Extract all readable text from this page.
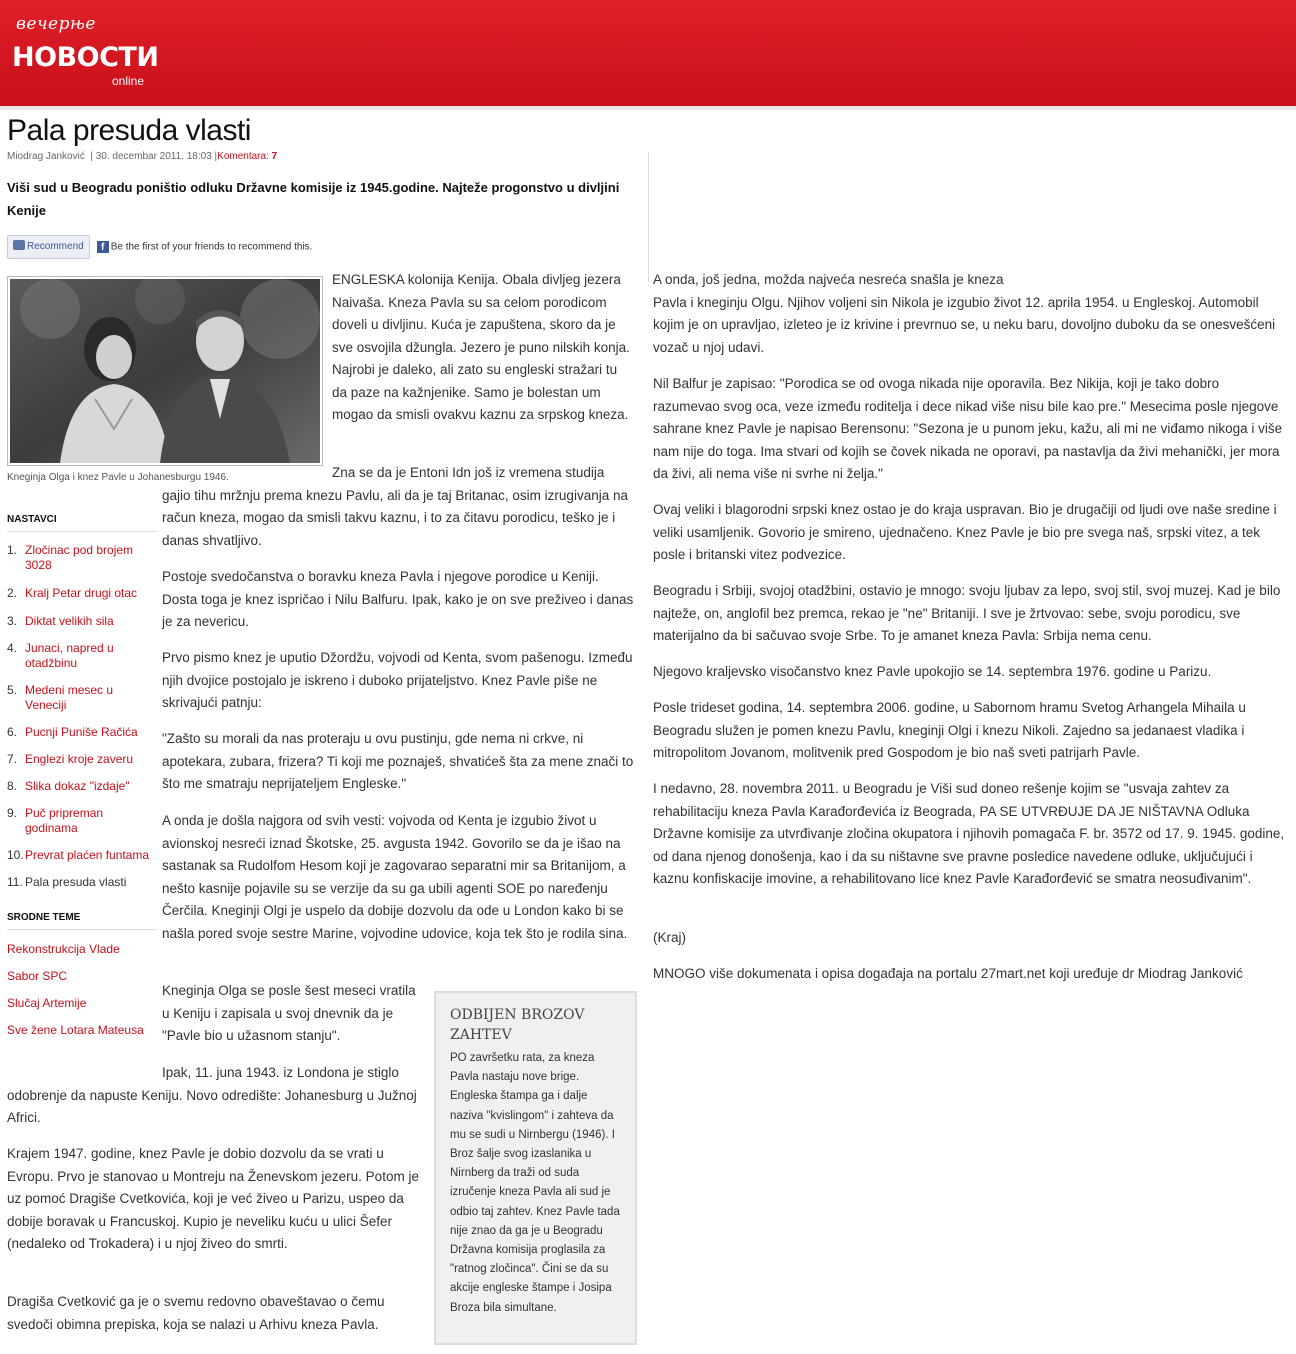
вечерње
НОВОСТИ
online
Pala presuda vlasti
Miodrag Janković  | 30. decembar 2011. 18:03 |Komentara: 7
Viši sud u Beogradu poništio odluku Državne komisije iz 1945.godine. Najteže progonstvo u divljini Kenije
Recommend f Be the first of your friends to recommend this.
Kneginja Olga i knez Pavle u Johanesburgu 1946.
ENGLESKA kolonija Kenija. Obala divljeg jezera Naivaša. Kneza Pavla su sa celom porodicom doveli u divljinu. Kuća je zapuštena, skoro da je sve osvojila džungla. Jezero je puno nilskih konja. Najrobi je daleko, ali zato su engleski stražari tu da paze na kažnjenike. Samo je bolestan um mogao da smisli ovakvu kaznu za srpskog kneza.
Zna se da je Entoni Idn još iz vremena studija gajio tihu mržnju prema knezu Pavlu, ali da je taj Britanac, osim izrugivanja na račun kneza, mogao da smisli takvu kaznu, i to za čitavu porodicu, teško je i danas shvatljivo.
Postoje svedočanstva o boravku kneza Pavla i njegove porodice u Keniji. Dosta toga je knez ispričao i Nilu Balfuru. Ipak, kako je on sve preživeo i danas je za nevericu.
Prvo pismo knez je uputio Džordžu, vojvodi od Kenta, svom pašenogu. Između njih dvojice postojalo je iskreno i duboko prijateljstvo. Knez Pavle piše ne skrivajući patnju:
"Zašto su morali da nas proteraju u ovu pustinju, gde nema ni crkve, ni apotekara, zubara, frizera? Ti koji me poznaješ, shvatićeš šta za mene znači to što me smatraju neprijateljem Engleske."
A onda je došla najgora od svih vesti: vojvoda od Kenta je izgubio život u avionskoj nesreći iznad Škotske, 25. avgusta 1942. Govorilo se da je išao na sastanak sa Rudolfom Hesom koji je zagovarao separatni mir sa Britanijom, a nešto kasnije pojavile su se verzije da su ga ubili agenti SOE po naređenju Čerčila. Kneginji Olgi je uspelo da dobije dozvolu da ode u London kako bi se našla pored svoje sestre Marine, vojvodine udovice, koja tek što je rodila sina.
Kneginja Olga se posle šest meseci vratila u Keniju i zapisala u svoj dnevnik da je "Pavle bio u užasnom stanju".
Ipak, 11. juna 1943. iz Londona je stiglo odobrenje da napuste Keniju. Novo odredište: Johanesburg u Južnoj Africi.
Krajem 1947. godine, knez Pavle je dobio dozvolu da se vrati u Evropu. Prvo je stanovao u Montreju na Ženevskom jezeru. Potom je uz pomoć Dragiše Cvetkovića, koji je već živeo u Parizu, uspeo da dobije boravak u Francuskoj. Kupio je neveliku kuću u ulici Šefer (nedaleko od Trokadera) i u njoj živeo do smrti.
Dragiša Cvetković ga je o svemu redovno obaveštavao o čemu svedoči obimna prepiska, koja se nalazi u Arhivu kneza Pavla.
NASTAVCI
1. Zločinac pod brojem 3028
2. Kralj Petar drugi otac
3. Diktat velikih sila
4. Junaci, napred u otadžbinu
5. Medeni mesec u Veneciji
6. Pucnji Puniše Račića
7. Englezi kroje zaveru
8. Slika dokaz "izdaje"
9. Puč pripreman godinama
10. Prevrat plaćen funtama
11. Pala presuda vlasti
SRODNE TEME
Rekonstrukcija Vlade
Sabor SPC
Slučaj Artemije
Sve žene Lotara Mateusa
ODBIJEN BROZOV ZAHTEV
PO završetku rata, za kneza Pavla nastaju nove brige. Engleska štampa ga i dalje naziva "kvislingom" i zahteva da mu se sudi u Nirnbergu (1946). I Broz šalje svog izaslanika u Nirnberg da traži od suda izručenje kneza Pavla ali sud je odbio taj zahtev. Knez Pavle tada nije znao da ga je u Beogradu Državna komisija proglasila za "ratnog zločinca". Čini se da su akcije engleske štampe i Josipa Broza bila simultane.
A onda, još jedna, možda najveća nesreća snašla je kneza
Pavla i kneginju Olgu. Njihov voljeni sin Nikola je izgubio život 12. aprila 1954. u Engleskoj. Automobil kojim je on upravljao, izleteo je iz krivine i prevrnuo se, u neku baru, dovoljno duboku da se onesvešćeni vozač u njoj udavi.
Nil Balfur je zapisao: "Porodica se od ovoga nikada nije oporavila. Bez Nikija, koji je tako dobro razumevao svog oca, veze između roditelja i dece nikad više nisu bile kao pre." Mesecima posle njegove sahrane knez Pavle je napisao Berensonu: "Sezona je u punom jeku, kažu, ali mi ne viđamo nikoga i više nam nije do toga. Ima stvari od kojih se čovek nikada ne oporavi, pa nastavlja da živi mehanički, jer mora da živi, ali nema više ni svrhe ni želja."
Ovaj veliki i blagorodni srpski knez ostao je do kraja uspravan. Bio je drugačiji od ljudi ove naše sredine i veliki usamljenik. Govorio je smireno, ujednačeno. Knez Pavle je bio pre svega naš, srpski vitez, a tek posle i britanski vitez podvezice.
Beogradu i Srbiji, svojoj otadžbini, ostavio je mnogo: svoju ljubav za lepo, svoj stil, svoj muzej. Kad je bilo najteže, on, anglofil bez premca, rekao je "ne" Britaniji. I sve je žrtvovao: sebe, svoju porodicu, sve materijalno da bi sačuvao svoje Srbe. To je amanet kneza Pavla: Srbija nema cenu.
Njegovo kraljevsko visočanstvo knez Pavle upokojio se 14. septembra 1976. godine u Parizu.
Posle trideset godina, 14. septembra 2006. godine, u Sabornom hramu Svetog Arhangela Mihaila u Beogradu služen je pomen knezu Pavlu, kneginji Olgi i knezu Nikoli. Zajedno sa jedanaest vladika i mitropolitom Jovanom, molitvenik pred Gospodom je bio naš sveti patrijarh Pavle.
I nedavno, 28. novembra 2011. u Beogradu je Viši sud doneo rešenje kojim se "usvaja zahtev za rehabilitaciju kneza Pavla Karađorđevića iz Beograda, PA SE UTVRĐUJE DA JE NIŠTAVNA Odluka Državne komisije za utvrđivanje zločina okupatora i njihovih pomagača F. br. 3572 od 17. 9. 1945. godine, od dana njenog donošenja, kao i da su ništavne sve pravne posledice navedene odluke, uključujući i kaznu konfiskacije imovine, a rehabilitovano lice knez Pavle Karađorđević se smatra neosuđivanim".
(Kraj)
MNOGO više dokumenata i opisa događaja na portalu 27mart.net koji uređuje dr Miodrag Janković
